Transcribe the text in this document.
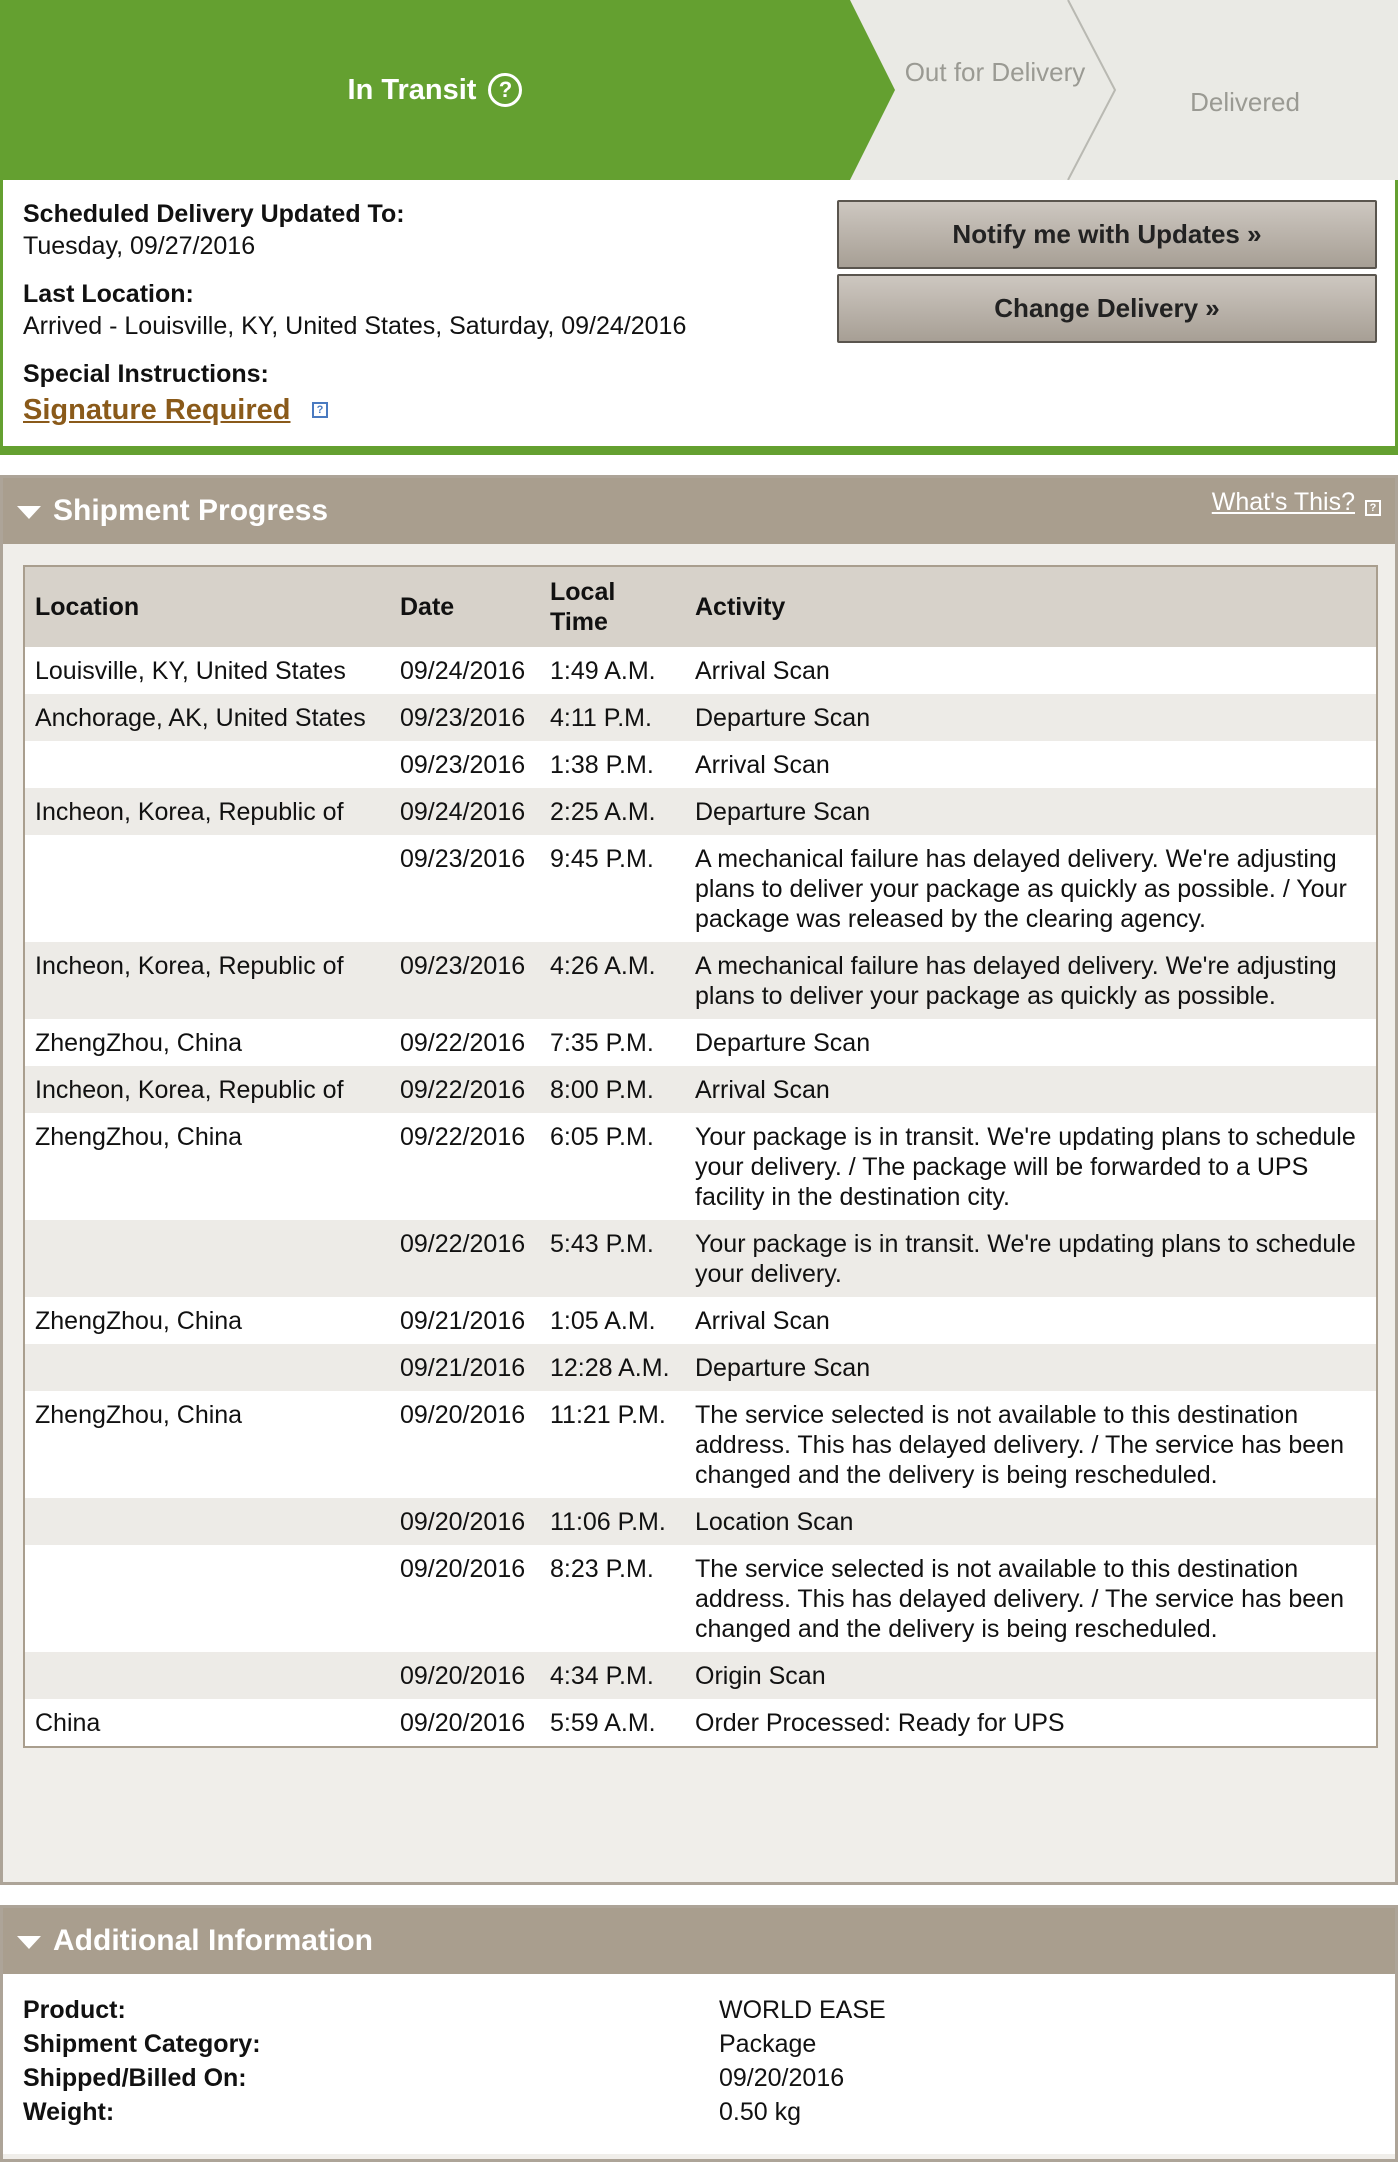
In Transit	?
Out for Delivery
Delivered
Scheduled Delivery Updated To:
Tuesday, 09/27/2016
Last Location:
Arrived - Louisville, KY, United States, Saturday, 09/24/2016
Special Instructions:
Signature Required	?
Notify me with Updates »
Change Delivery »
Shipment Progress	What's This?	?
Location	Date	Local Time	Activity
Louisville, KY, United States	09/24/2016	1:49 A.M.	Arrival Scan
Anchorage, AK, United States	09/23/2016	4:11 P.M.	Departure Scan
	09/23/2016	1:38 P.M.	Arrival Scan
Incheon, Korea, Republic of	09/24/2016	2:25 A.M.	Departure Scan
	09/23/2016	9:45 P.M.	A mechanical failure has delayed delivery. We're adjusting plans to deliver your package as quickly as possible. / Your package was released by the clearing agency.
Incheon, Korea, Republic of	09/23/2016	4:26 A.M.	A mechanical failure has delayed delivery. We're adjusting plans to deliver your package as quickly as possible.
ZhengZhou, China	09/22/2016	7:35 P.M.	Departure Scan
Incheon, Korea, Republic of	09/22/2016	8:00 P.M.	Arrival Scan
ZhengZhou, China	09/22/2016	6:05 P.M.	Your package is in transit. We're updating plans to schedule your delivery. / The package will be forwarded to a UPS facility in the destination city.
	09/22/2016	5:43 P.M.	Your package is in transit. We're updating plans to schedule your delivery.
ZhengZhou, China	09/21/2016	1:05 A.M.	Arrival Scan
	09/21/2016	12:28 A.M.	Departure Scan
ZhengZhou, China	09/20/2016	11:21 P.M.	The service selected is not available to this destination address. This has delayed delivery. / The service has been changed and the delivery is being rescheduled.
	09/20/2016	11:06 P.M.	Location Scan
	09/20/2016	8:23 P.M.	The service selected is not available to this destination address. This has delayed delivery. / The service has been changed and the delivery is being rescheduled.
	09/20/2016	4:34 P.M.	Origin Scan
China	09/20/2016	5:59 A.M.	Order Processed: Ready for UPS
Additional Information
Product:	WORLD EASE
Shipment Category:	Package
Shipped/Billed On:	09/20/2016
Weight:	0.50 kg
